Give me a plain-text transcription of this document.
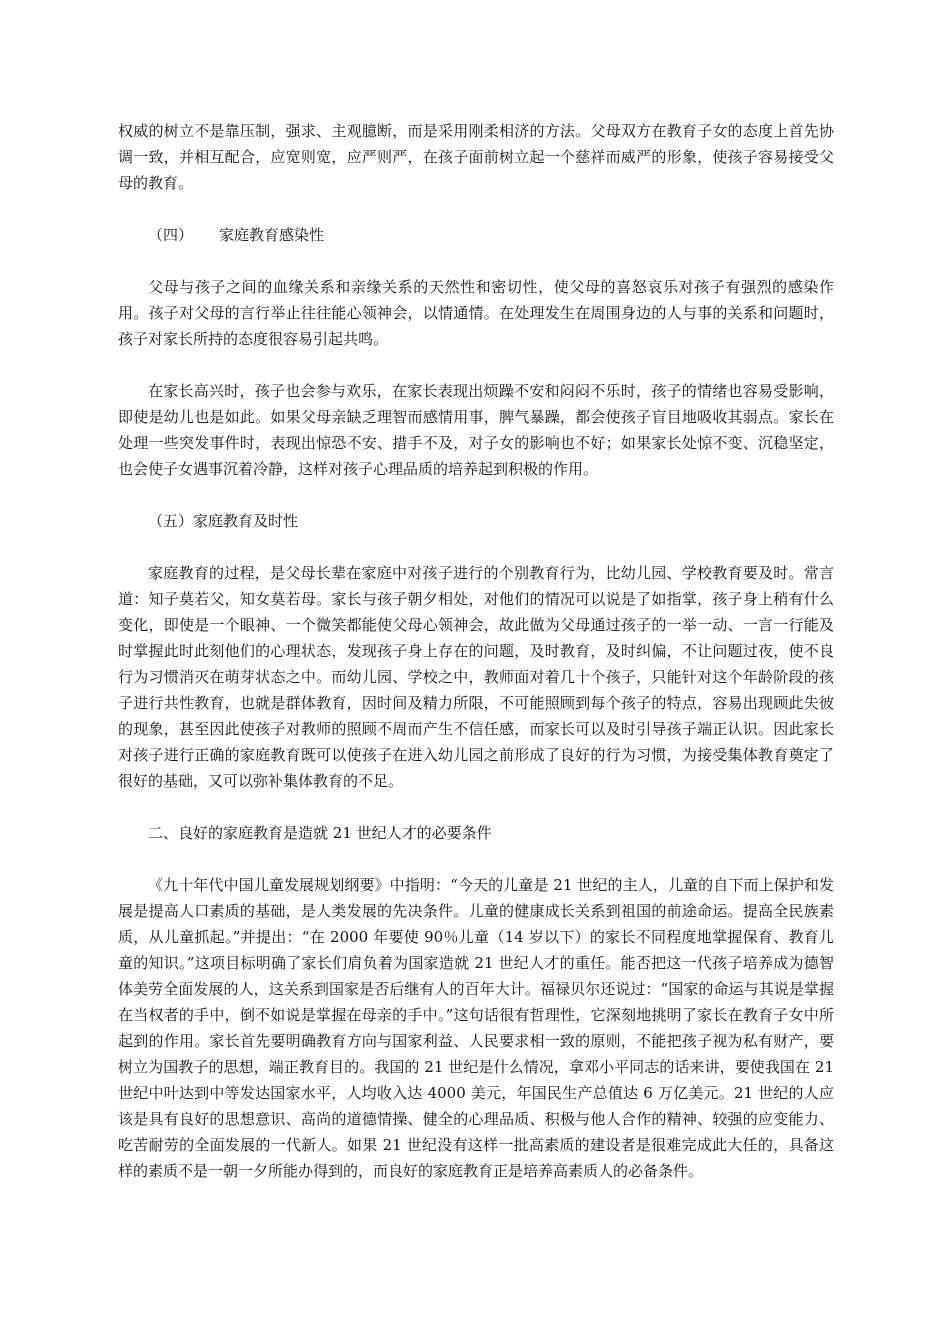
权威的树立不是靠压制，强求、主观臆断，而是采用刚柔相济的方法。父母双方在教育子女的态度上首先协调一致，并相互配合，应宽则宽，应严则严，在孩子面前树立起一个慈祥而威严的形象，使孩子容易接受父母的教育。

（四） 家庭教育感染性

父母与孩子之间的血缘关系和亲缘关系的天然性和密切性，使父母的喜怒哀乐对孩子有强烈的感染作用。孩子对父母的言行举止往往能心领神会，以情通情。在处理发生在周围身边的人与事的关系和问题时，孩子对家长所持的态度很容易引起共鸣。

在家长高兴时，孩子也会参与欢乐，在家长表现出烦躁不安和闷闷不乐时，孩子的情绪也容易受影响，即使是幼儿也是如此。如果父母亲缺乏理智而感情用事，脾气暴躁，都会使孩子盲目地吸收其弱点。家长在处理一些突发事件时，表现出惊恐不安、措手不及，对子女的影响也不好；如果家长处惊不变、沉稳坚定，也会使子女遇事沉着冷静，这样对孩子心理品质的培养起到积极的作用。

（五）家庭教育及时性

家庭教育的过程，是父母长辈在家庭中对孩子进行的个别教育行为，比幼儿园、学校教育要及时。常言道：知子莫若父，知女莫若母。家长与孩子朝夕相处，对他们的情况可以说是了如指掌，孩子身上稍有什么变化，即使是一个眼神、一个微笑都能使父母心领神会，故此做为父母通过孩子的一举一动、一言一行能及时掌握此时此刻他们的心理状态，发现孩子身上存在的问题，及时教育，及时纠偏，不让问题过夜，使不良行为习惯消灭在萌芽状态之中。而幼儿园、学校之中，教师面对着几十个孩子，只能针对这个年龄阶段的孩子进行共性教育，也就是群体教育，因时间及精力所限，不可能照顾到每个孩子的特点，容易出现顾此失彼的现象，甚至因此使孩子对教师的照顾不周而产生不信任感，而家长可以及时引导孩子端正认识。因此家长对孩子进行正确的家庭教育既可以使孩子在进入幼儿园之前形成了良好的行为习惯，为接受集体教育奠定了很好的基础，又可以弥补集体教育的不足。

二、良好的家庭教育是造就 21 世纪人才的必要条件

《九十年代中国儿童发展规划纲要》中指明：“今天的儿童是 21 世纪的主人，儿童的自下而上保护和发展是提高人口素质的基础，是人类发展的先决条件。儿童的健康成长关系到祖国的前途命运。提高全民族素质，从儿童抓起。”并提出：“在 2000 年要使 90％儿童（14 岁以下）的家长不同程度地掌握保育、教育儿童的知识。”这项目标明确了家长们肩负着为国家造就 21 世纪人才的重任。能否把这一代孩子培养成为德智体美劳全面发展的人，这关系到国家是否后继有人的百年大计。福禄贝尔还说过：“国家的命运与其说是掌握在当权者的手中，倒不如说是掌握在母亲的手中。”这句话很有哲理性，它深刻地挑明了家长在教育子女中所起到的作用。家长首先要明确教育方向与国家利益、人民要求相一致的原则，不能把孩子视为私有财产，要树立为国教子的思想，端正教育目的。我国的 21 世纪是什么情况，拿邓小平同志的话来讲，要使我国在 21 世纪中叶达到中等发达国家水平，人均收入达 4000 美元，年国民生产总值达 6 万亿美元。21 世纪的人应该是具有良好的思想意识、高尚的道德情操、健全的心理品质、积极与他人合作的精神、较强的应变能力、吃苦耐劳的全面发展的一代新人。如果 21 世纪没有这样一批高素质的建设者是很难完成此大任的，具备这样的素质不是一朝一夕所能办得到的，而良好的家庭教育正是培养高素质人的必备条件。
